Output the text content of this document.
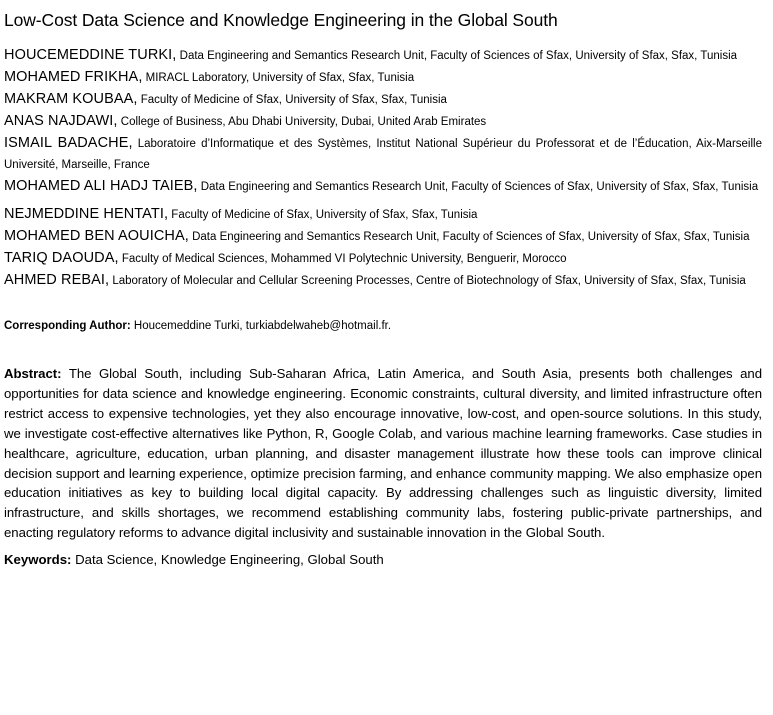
Low-Cost Data Science and Knowledge Engineering in the Global South
HOUCEMEDDINE TURKI, Data Engineering and Semantics Research Unit, Faculty of Sciences of Sfax, University of Sfax, Sfax, Tunisia
MOHAMED FRIKHA, MIRACL Laboratory, University of Sfax, Sfax, Tunisia
MAKRAM KOUBAA, Faculty of Medicine of Sfax, University of Sfax, Sfax, Tunisia
ANAS NAJDAWI, College of Business, Abu Dhabi University, Dubai, United Arab Emirates
ISMAIL BADACHE, Laboratoire d’Informatique et des Systèmes, Institut National Supérieur du Professorat et de l’Éducation, Aix-Marseille Université, Marseille, France
MOHAMED ALI HADJ TAIEB, Data Engineering and Semantics Research Unit, Faculty of Sciences of Sfax, University of Sfax, Sfax, Tunisia
NEJMEDDINE HENTATI, Faculty of Medicine of Sfax, University of Sfax, Sfax, Tunisia
MOHAMED BEN AOUICHA, Data Engineering and Semantics Research Unit, Faculty of Sciences of Sfax, University of Sfax, Sfax, Tunisia
TARIQ DAOUDA, Faculty of Medical Sciences, Mohammed VI Polytechnic University, Benguerir, Morocco
AHMED REBAI, Laboratory of Molecular and Cellular Screening Processes, Centre of Biotechnology of Sfax, University of Sfax, Sfax, Tunisia
Corresponding Author: Houcemeddine Turki, turkiabdelwaheb@hotmail.fr.
Abstract: The Global South, including Sub-Saharan Africa, Latin America, and South Asia, presents both challenges and opportunities for data science and knowledge engineering. Economic constraints, cultural diversity, and limited infrastructure often restrict access to expensive technologies, yet they also encourage innovative, low-cost, and open-source solutions. In this study, we investigate cost-effective alternatives like Python, R, Google Colab, and various machine learning frameworks. Case studies in healthcare, agriculture, education, urban planning, and disaster management illustrate how these tools can improve clinical decision support and learning experience, optimize precision farming, and enhance community mapping. We also emphasize open education initiatives as key to building local digital capacity. By addressing challenges such as linguistic diversity, limited infrastructure, and skills shortages, we recommend establishing community labs, fostering public-private partnerships, and enacting regulatory reforms to advance digital inclusivity and sustainable innovation in the Global South.
Keywords: Data Science, Knowledge Engineering, Global South
